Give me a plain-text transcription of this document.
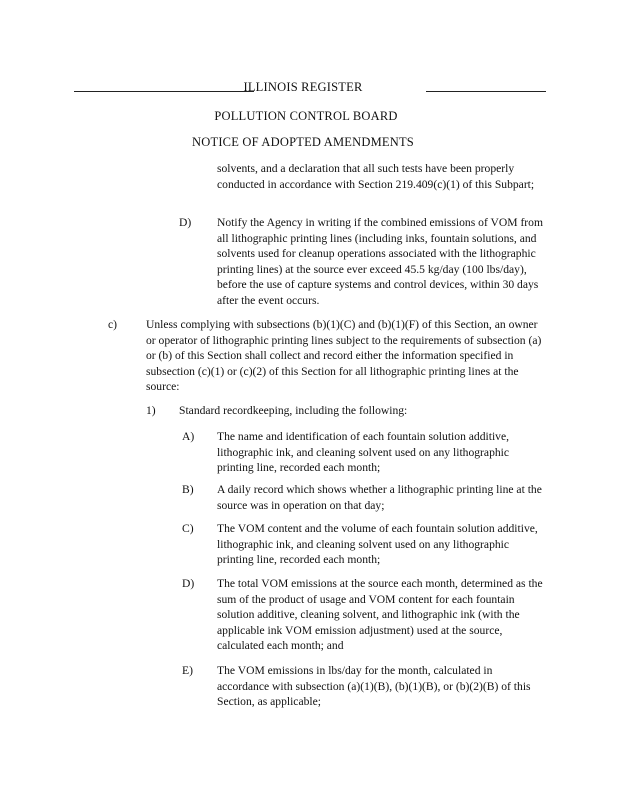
ILLINOIS REGISTER
POLLUTION CONTROL BOARD
NOTICE OF ADOPTED AMENDMENTS
solvents, and a declaration that all such tests have been properly conducted in accordance with Section 219.409(c)(1) of this Subpart;
D) Notify the Agency in writing if the combined emissions of VOM from all lithographic printing lines (including inks, fountain solutions, and solvents used for cleanup operations associated with the lithographic printing lines) at the source ever exceed 45.5 kg/day (100 lbs/day), before the use of capture systems and control devices, within 30 days after the event occurs.
c) Unless complying with subsections (b)(1)(C) and (b)(1)(F) of this Section, an owner or operator of lithographic printing lines subject to the requirements of subsection (a) or (b) of this Section shall collect and record either the information specified in subsection (c)(1) or (c)(2) of this Section for all lithographic printing lines at the source:
1) Standard recordkeeping, including the following:
A) The name and identification of each fountain solution additive, lithographic ink, and cleaning solvent used on any lithographic printing line, recorded each month;
B) A daily record which shows whether a lithographic printing line at the source was in operation on that day;
C) The VOM content and the volume of each fountain solution additive, lithographic ink, and cleaning solvent used on any lithographic printing line, recorded each month;
D) The total VOM emissions at the source each month, determined as the sum of the product of usage and VOM content for each fountain solution additive, cleaning solvent, and lithographic ink (with the applicable ink VOM emission adjustment) used at the source, calculated each month; and
E) The VOM emissions in lbs/day for the month, calculated in accordance with subsection (a)(1)(B), (b)(1)(B), or (b)(2)(B) of this Section, as applicable;
